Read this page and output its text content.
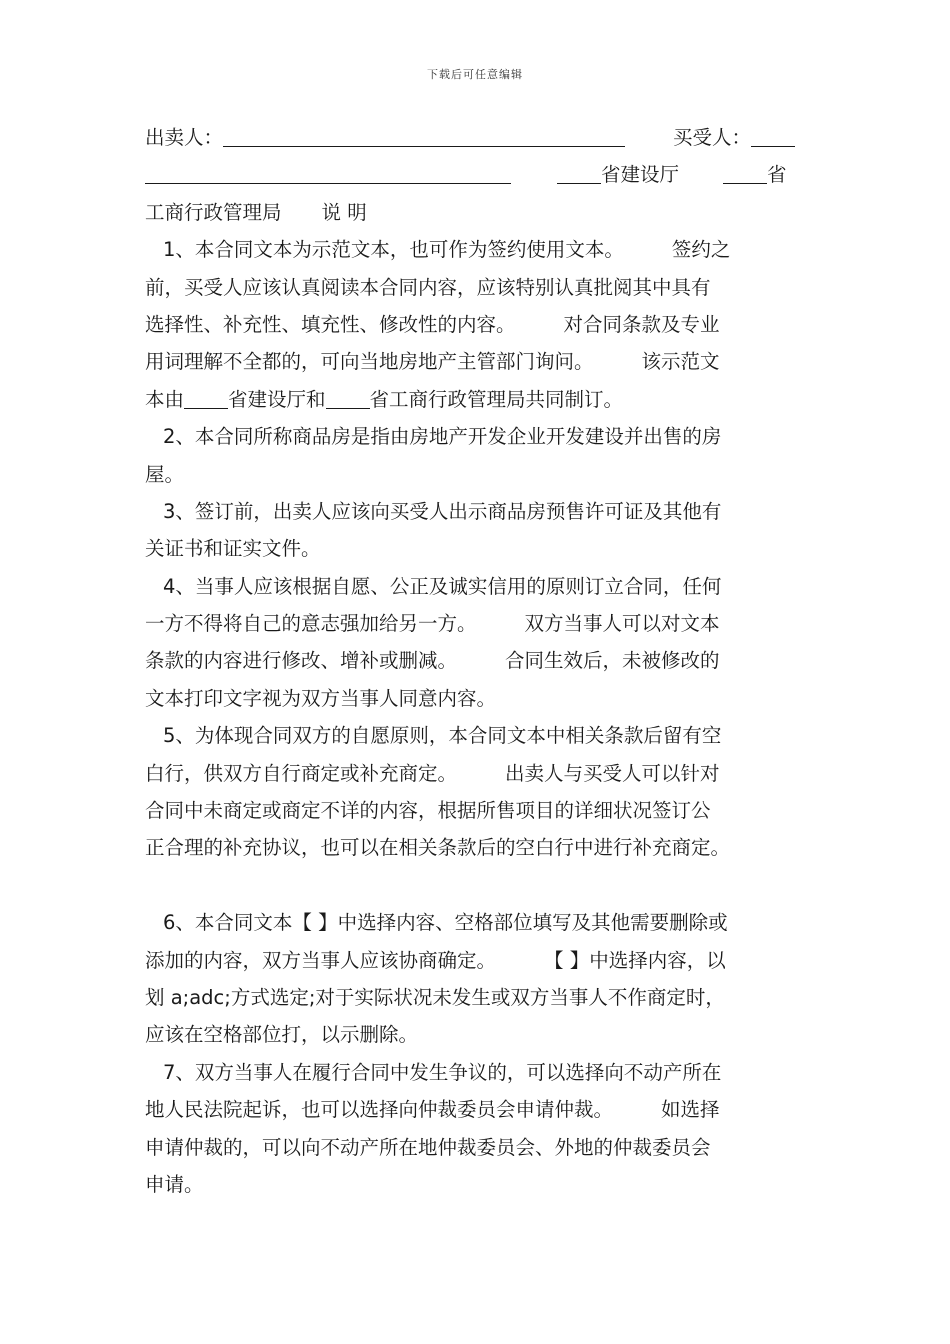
下载后可任意编辑
出卖人：	买受人：
省建设厅	省
工商行政管理局 说 明
1、本合同文本为示范文本，也可作为签约使用文本。 签约之
前，买受人应该认真阅读本合同内容，应该特别认真批阅其中具有
选择性、补充性、填充性、修改性的内容。 对合同条款及专业
用词理解不全都的，可向当地房地产主管部门询问。 该示范文
本由 省建设厅和 省工商行政管理局共同制订。
2、本合同所称商品房是指由房地产开发企业开发建设并出售的房
屋。
3、签订前，出卖人应该向买受人出示商品房预售许可证及其他有
关证书和证实文件。
4、当事人应该根据自愿、公正及诚实信用的原则订立合同，任何
一方不得将自己的意志强加给另一方。 双方当事人可以对文本
条款的内容进行修改、增补或删减。 合同生效后，未被修改的
文本打印文字视为双方当事人同意内容。
5、为体现合同双方的自愿原则，本合同文本中相关条款后留有空
白行，供双方自行商定或补充商定。 出卖人与买受人可以针对
合同中未商定或商定不详的内容，根据所售项目的详细状况签订公
正合理的补充协议，也可以在相关条款后的空白行中进行补充商定。
6、本合同文本【 】中选择内容、空格部位填写及其他需要删除或
添加的内容，双方当事人应该协商确定。 【 】中选择内容，以
划 a;adc;方式选定;对于实际状况未发生或双方当事人不作商定时，
应该在空格部位打，以示删除。
7、双方当事人在履行合同中发生争议的，可以选择向不动产所在
地人民法院起诉，也可以选择向仲裁委员会申请仲裁。 如选择
申请仲裁的，可以向不动产所在地仲裁委员会、外地的仲裁委员会
申请。
